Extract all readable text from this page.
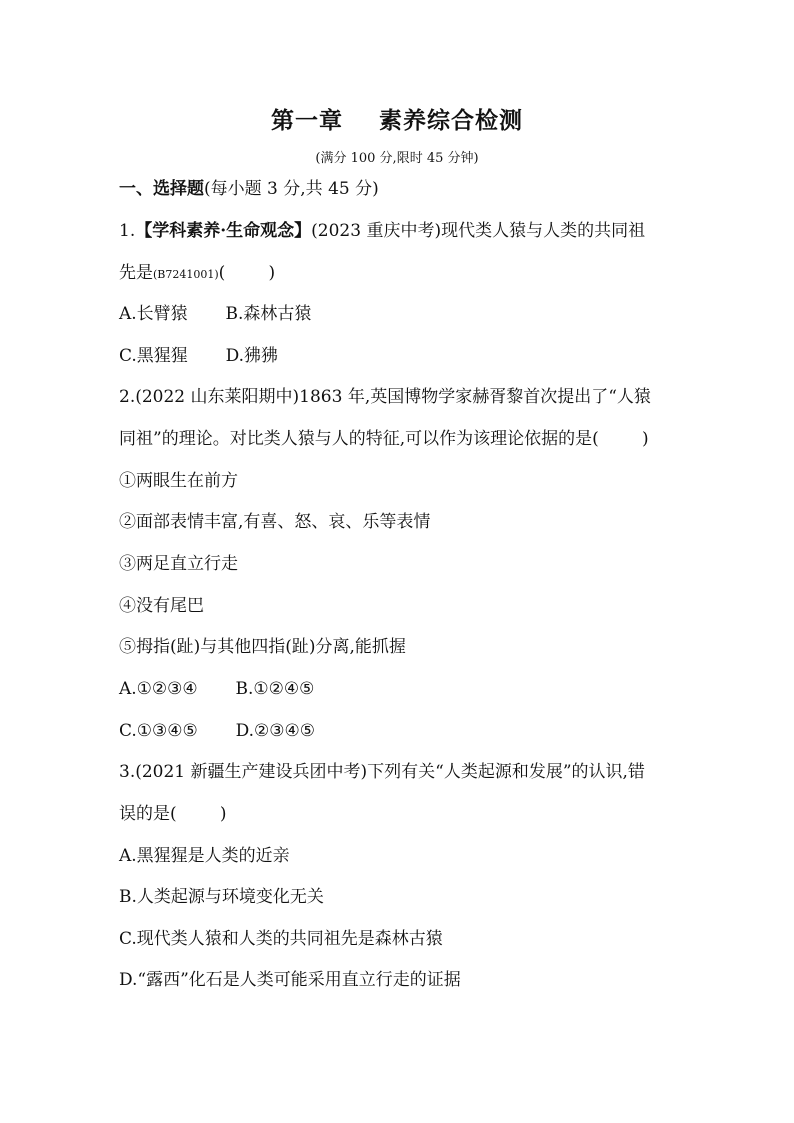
第一章    素养综合检测
(满分 100 分,限时 45 分钟)
一、选择题(每小题 3 分,共 45 分)
1.【学科素养·生命观念】(2023 重庆中考)现代类人猿与人类的共同祖
先是(B7241001)(        )
A.长臂猿       B.森林古猿
C.黑猩猩       D.狒狒
2.(2022 山东莱阳期中)1863 年,英国博物学家赫胥黎首次提出了“人猿
同祖”的理论。对比类人猿与人的特征,可以作为该理论依据的是(        )
①两眼生在前方
②面部表情丰富,有喜、怒、哀、乐等表情
③两足直立行走
④没有尾巴
⑤拇指(趾)与其他四指(趾)分离,能抓握
A.①②③④       B.①②④⑤
C.①③④⑤       D.②③④⑤
3.(2021 新疆生产建设兵团中考)下列有关“人类起源和发展”的认识,错
误的是(        )
A.黑猩猩是人类的近亲
B.人类起源与环境变化无关
C.现代类人猿和人类的共同祖先是森林古猿
D.“露西”化石是人类可能采用直立行走的证据
